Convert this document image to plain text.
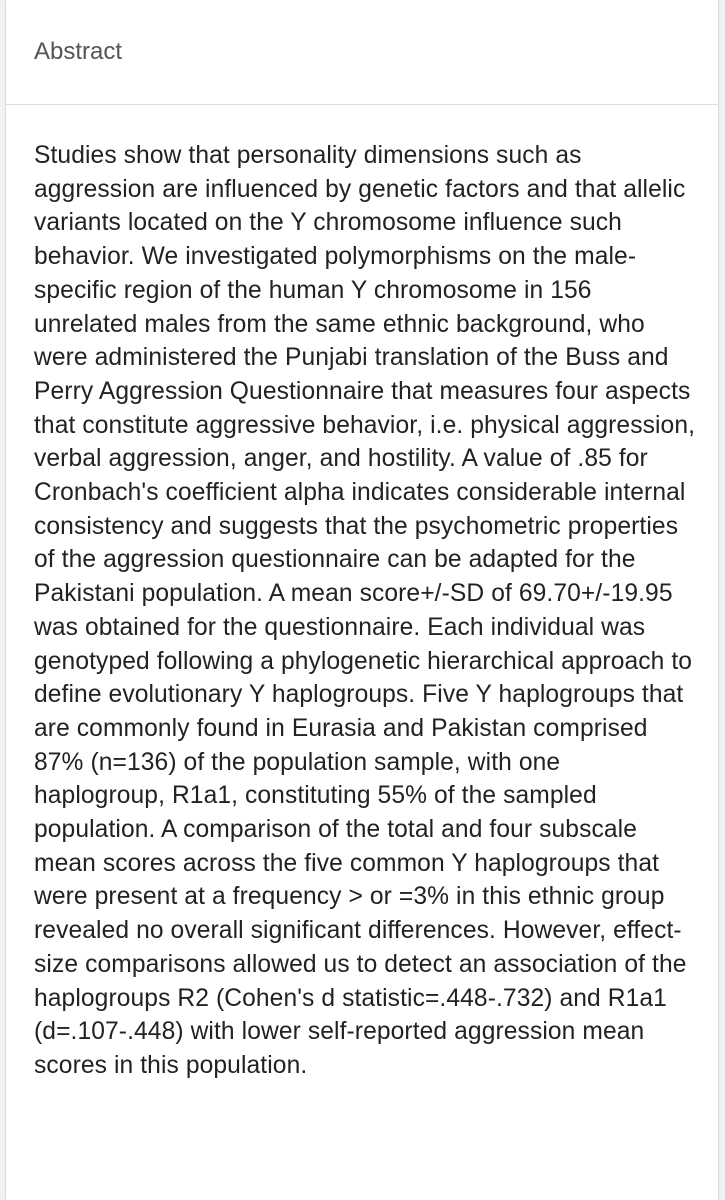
Abstract

Studies show that personality dimensions such as aggression are influenced by genetic factors and that allelic variants located on the Y chromosome influence such behavior. We investigated polymorphisms on the male-specific region of the human Y chromosome in 156 unrelated males from the same ethnic background, who were administered the Punjabi translation of the Buss and Perry Aggression Questionnaire that measures four aspects that constitute aggressive behavior, i.e. physical aggression, verbal aggression, anger, and hostility. A value of .85 for Cronbach's coefficient alpha indicates considerable internal consistency and suggests that the psychometric properties of the aggression questionnaire can be adapted for the Pakistani population. A mean score+/-SD of 69.70+/-19.95 was obtained for the questionnaire. Each individual was genotyped following a phylogenetic hierarchical approach to define evolutionary Y haplogroups. Five Y haplogroups that are commonly found in Eurasia and Pakistan comprised 87% (n=136) of the population sample, with one haplogroup, R1a1, constituting 55% of the sampled population. A comparison of the total and four subscale mean scores across the five common Y haplogroups that were present at a frequency > or =3% in this ethnic group revealed no overall significant differences. However, effect-size comparisons allowed us to detect an association of the haplogroups R2 (Cohen's d statistic=.448-.732) and R1a1 (d=.107-.448) with lower self-reported aggression mean scores in this population.
